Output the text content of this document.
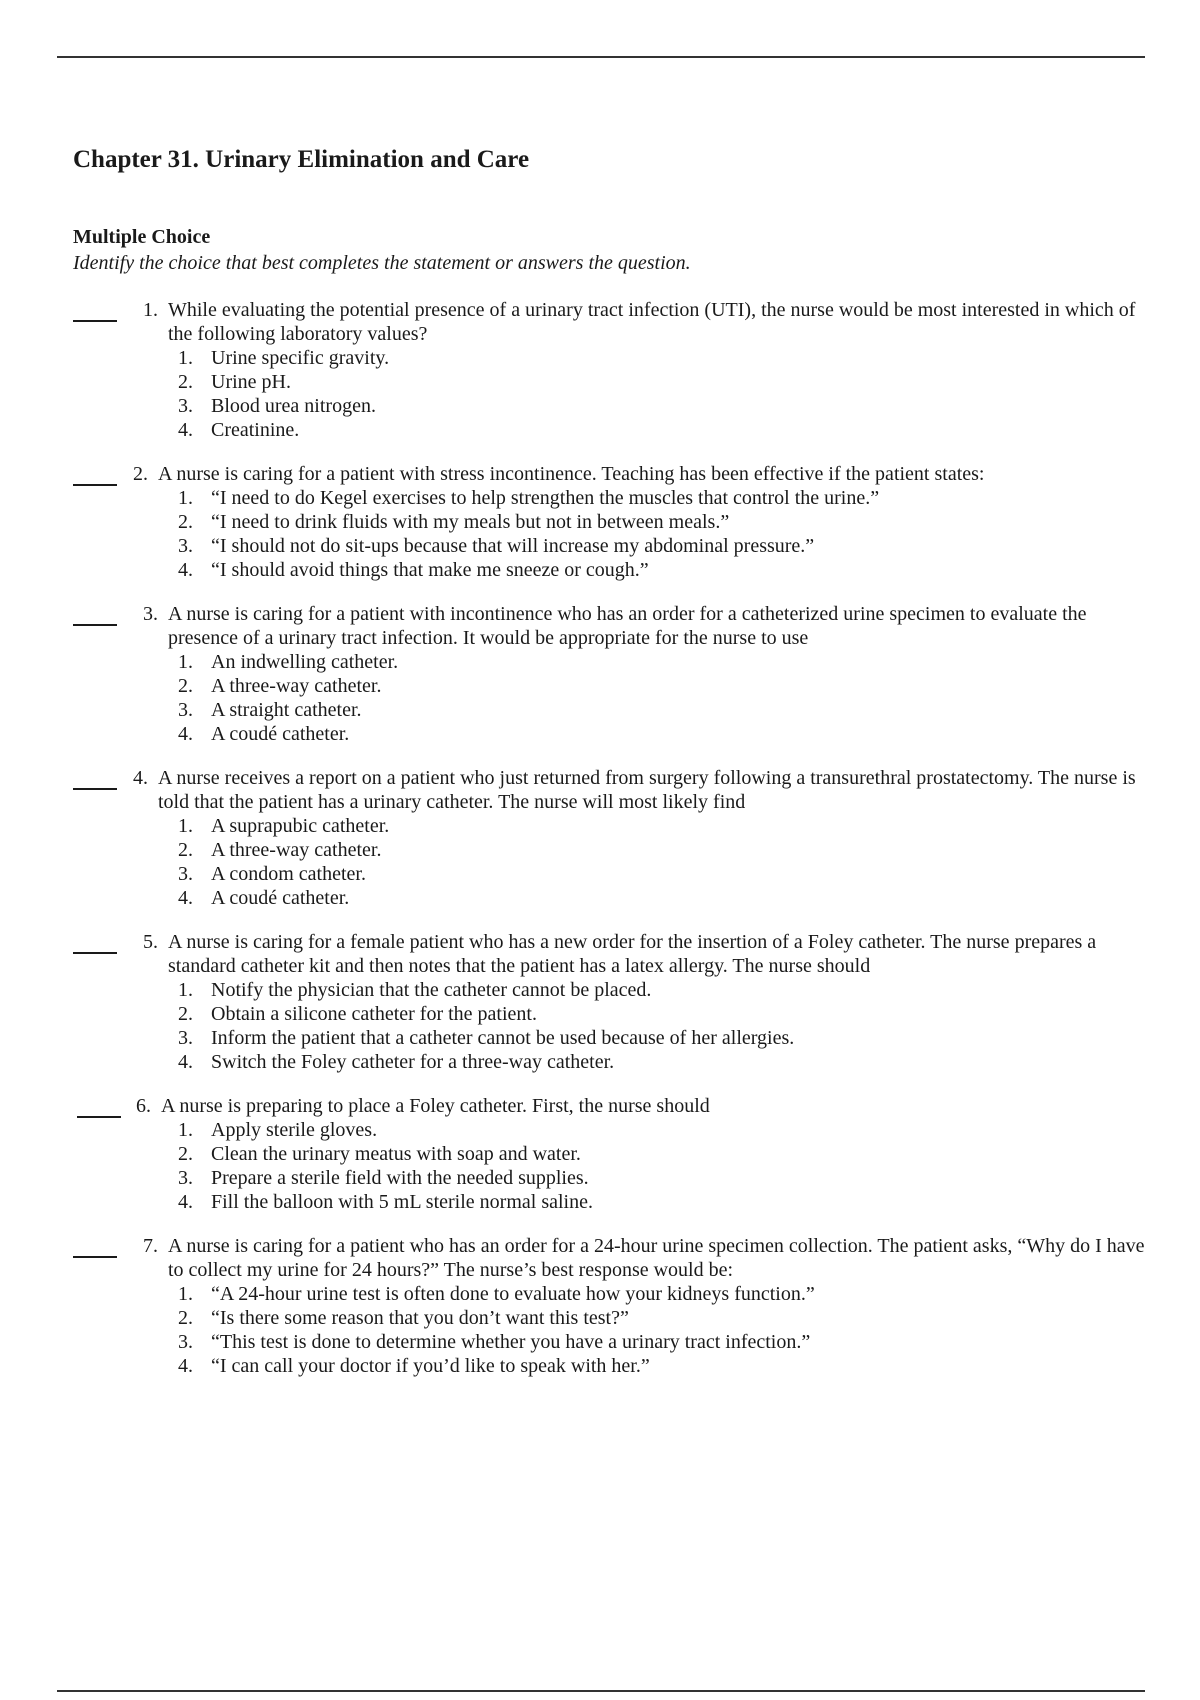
Chapter 31. Urinary Elimination and Care
Multiple Choice

Identify the choice that best completes the statement or answers the question.

1. While evaluating the potential presence of a urinary tract infection (UTI), the nurse would be most interested in which of the following laboratory values?
1. Urine specific gravity.
2. Urine pH.
3. Blood urea nitrogen.
4. Creatinine.
2. A nurse is caring for a patient with stress incontinence. Teaching has been effective if the patient states:
1. “I need to do Kegel exercises to help strengthen the muscles that control the urine.”
2. “I need to drink fluids with my meals but not in between meals.”
3. “I should not do sit-ups because that will increase my abdominal pressure.”
4. “I should avoid things that make me sneeze or cough.”
3. A nurse is caring for a patient with incontinence who has an order for a catheterized urine specimen to evaluate the presence of a urinary tract infection. It would be appropriate for the nurse to use
1. An indwelling catheter.
2. A three-way catheter.
3. A straight catheter.
4. A coudé catheter.
4. A nurse receives a report on a patient who just returned from surgery following a transurethral prostatectomy. The nurse is told that the patient has a urinary catheter. The nurse will most likely find
1. A suprapubic catheter.
2. A three-way catheter.
3. A condom catheter.
4. A coudé catheter.
5. A nurse is caring for a female patient who has a new order for the insertion of a Foley catheter. The nurse prepares a standard catheter kit and then notes that the patient has a latex allergy. The nurse should
1. Notify the physician that the catheter cannot be placed.
2. Obtain a silicone catheter for the patient.
3. Inform the patient that a catheter cannot be used because of her allergies.
4. Switch the Foley catheter for a three-way catheter.
6. A nurse is preparing to place a Foley catheter. First, the nurse should
1. Apply sterile gloves.
2. Clean the urinary meatus with soap and water.
3. Prepare a sterile field with the needed supplies.
4. Fill the balloon with 5 mL sterile normal saline.
7. A nurse is caring for a patient who has an order for a 24-hour urine specimen collection. The patient asks, “Why do I have to collect my urine for 24 hours?” The nurse’s best response would be:
1. “A 24-hour urine test is often done to evaluate how your kidneys function.”
2. “Is there some reason that you don’t want this test?”
3. “This test is done to determine whether you have a urinary tract infection.”
4. “I can call your doctor if you’d like to speak with her.”
